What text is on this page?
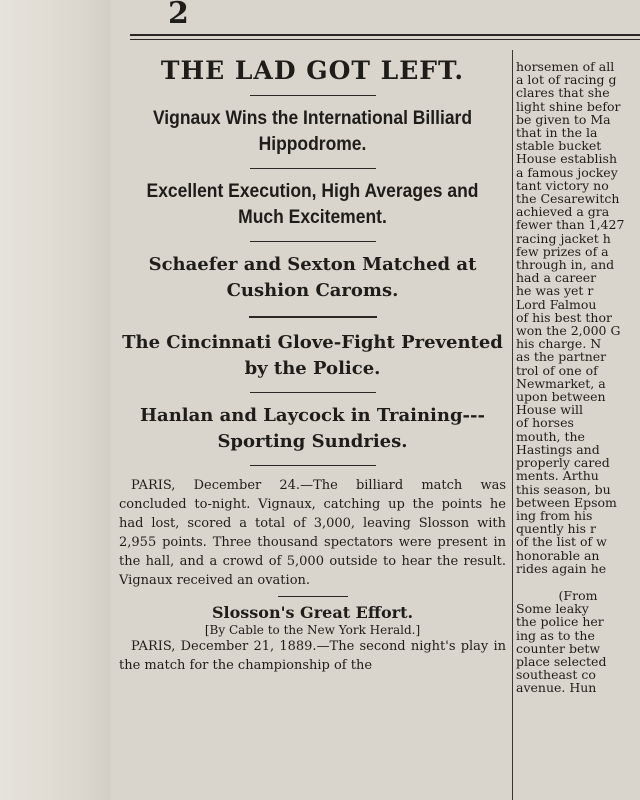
2
THE LAD GOT LEFT.
Vignaux Wins the International Billiard Hippodrome.
Excellent Execution, High Averages and Much Excitement.
Schaefer and Sexton Matched at Cushion Caroms.
The Cincinnati Glove-Fight Prevented by the Police.
Hanlan and Laycock in Training--- Sporting Sundries.
PARIS, December 24.—The billiard match was concluded to-night. Vignaux, catching up the points he had lost, scored a total of 3,000, leaving Slosson with 2,955 points. Three thousand spectators were present in the hall, and a crowd of 5,000 outside to hear the result. Vignaux received an ovation.
Slosson's Great Effort.
[By Cable to the New York Herald.]
PARIS, December 21, 1889.—The second night's play in the match for the championship of the
horsemen of all
a lot of racing g
clares that she
light shine befor
be given to Ma
that in the la
stable bucket
House establish
a famous jockey
tant victory no
the Cesarewitch
achieved a gra
fewer than 1,427
racing jacket h
few prizes of a
through in, and
had a career
he was yet r
Lord Falmou
of his best thor
won the 2,000 G
his charge. N
as the partner
trol of one of
Newmarket, a
upon between
House will
of horses
mouth, the
Hastings and
properly cared
ments. Arthu
this season, bu
between Epsom
ing from his
quently his r
of the list of w
honorable an
rides again he
(From
Some leaky
the police her
ing as to the
counter betw
place selected
southeast co
avenue. Hun
